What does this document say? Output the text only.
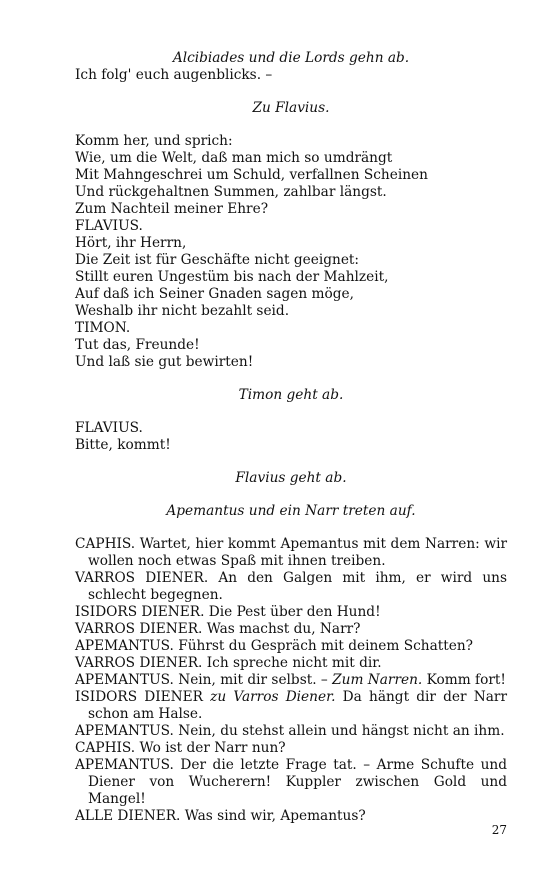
Alcibiades und die Lords gehn ab.
Ich folg' euch augenblicks. –
Zu Flavius.
Komm her, und sprich:
Wie, um die Welt, daß man mich so umdrängt
Mit Mahngeschrei um Schuld, verfallnen Scheinen
Und rückgehaltnen Summen, zahlbar längst.
Zum Nachteil meiner Ehre?
FLAVIUS.
Hört, ihr Herrn,
Die Zeit ist für Geschäfte nicht geeignet:
Stillt euren Ungestüm bis nach der Mahlzeit,
Auf daß ich Seiner Gnaden sagen möge,
Weshalb ihr nicht bezahlt seid.
TIMON.
Tut das, Freunde!
Und laß sie gut bewirten!
Timon geht ab.
FLAVIUS.
Bitte, kommt!
Flavius geht ab.
Apemantus und ein Narr treten auf.
CAPHIS. Wartet, hier kommt Apemantus mit dem Narren: wir wollen noch etwas Spaß mit ihnen treiben.
VARROS DIENER. An den Galgen mit ihm, er wird uns schlecht begegnen.
ISIDORS DIENER. Die Pest über den Hund!
VARROS DIENER. Was machst du, Narr?
APEMANTUS. Führst du Gespräch mit deinem Schatten?
VARROS DIENER. Ich spreche nicht mit dir.
APEMANTUS. Nein, mit dir selbst. – Zum Narren. Komm fort!
ISIDORS DIENER zu Varros Diener. Da hängt dir der Narr schon am Halse.
APEMANTUS. Nein, du stehst allein und hängst nicht an ihm.
CAPHIS. Wo ist der Narr nun?
APEMANTUS. Der die letzte Frage tat. – Arme Schufte und Diener von Wucherern! Kuppler zwischen Gold und Mangel!
ALLE DIENER. Was sind wir, Apemantus?
27
